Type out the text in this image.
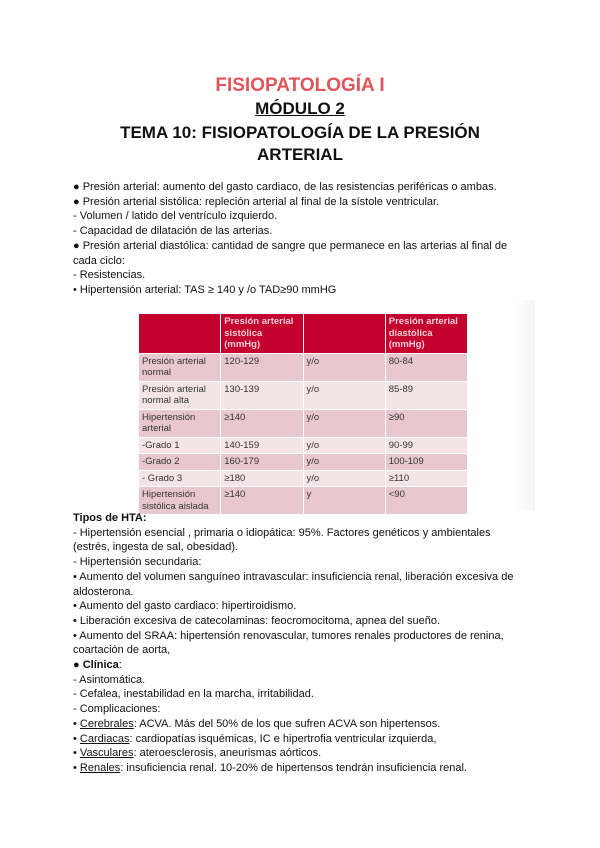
FISIOPATOLOGÍA I
MÓDULO 2
TEMA 10: FISIOPATOLOGÍA DE LA PRESIÓN ARTERIAL
● Presión arterial: aumento del gasto cardiaco, de las resistencias periféricas o ambas.
● Presión arterial sistólica: repleción arterial al final de la sístole ventricular.
- Volumen / latido del ventrículo izquierdo.
- Capacidad de dilatación de las arterias.
● Presión arterial diastólica: cantidad de sangre que permanece en las arterias al final de cada ciclo:
- Resistencias.
• Hipertensión arterial: TAS ≥ 140 y /o TAD≥90 mmHG
	Presión arterial sistólica (mmHg)		Presión arterial diastólica (mmHg)
Presión arterial normal	120-129	y/o	80-84
Presión arterial normal alta	130-139	y/o	85-89
Hipertensión arterial	≥140	y/o	≥90
-Grado 1	140-159	y/o	90-99
-Grado 2	160-179	y/o	100-109
- Grado 3	≥180	y/o	≥110
Hipertensión sistólica aislada	≥140	y	<90
Tipos de HTA:
- Hipertensión esencial , primaria o idiopática: 95%. Factores genéticos y ambientales (estrés, ingesta de sal, obesidad).
- Hipertensión secundaria:
• Aumento del volumen sanguíneo intravascular: insuficiencia renal, liberación excesiva de aldosterona.
• Aumento del gasto cardiaco: hipertiroidismo.
• Liberación excesiva de catecolaminas: feocromocitoma, apnea del sueño.
• Aumento del SRAA: hipertensión renovascular, tumores renales productores de renina, coartación de aorta,
● Clínica:
- Asintomática.
- Cefalea, inestabilidad en la marcha, irritabilidad.
- Complicaciones:
• Cerebrales: ACVA. Más del 50% de los que sufren ACVA son hipertensos.
• Cardiacas: cardiopatías isquémicas, IC e hipertrofia ventricular izquierda,
• Vasculares: ateroesclerosis, aneurismas aórticos.
• Renales: insuficiencia renal. 10-20% de hipertensos tendrán insuficiencia renal.
